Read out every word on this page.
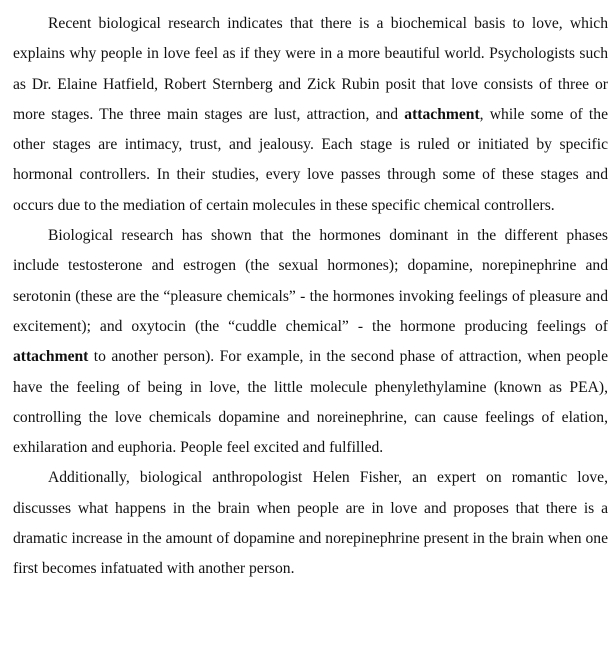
Recent biological research indicates that there is a biochemical basis to love, which explains why people in love feel as if they were in a more beautiful world. Psychologists such as Dr. Elaine Hatfield, Robert Sternberg and Zick Rubin posit that love consists of three or more stages. The three main stages are lust, attraction, and attachment, while some of the other stages are intimacy, trust, and jealousy. Each stage is ruled or initiated by specific hormonal controllers. In their studies, every love passes through some of these stages and occurs due to the mediation of certain molecules in these specific chemical controllers.

Biological research has shown that the hormones dominant in the different phases include testosterone and estrogen (the sexual hormones); dopamine, norepinephrine and serotonin (these are the “pleasure chemicals” - the hormones invoking feelings of pleasure and excitement); and oxytocin (the “cuddle chemical” - the hormone producing feelings of attachment to another person). For example, in the second phase of attraction, when people have the feeling of being in love, the little molecule phenylethylamine (known as PEA), controlling the love chemicals dopamine and noreinephrine, can cause feelings of elation, exhilaration and euphoria. People feel excited and fulfilled.

Additionally, biological anthropologist Helen Fisher, an expert on romantic love, discusses what happens in the brain when people are in love and proposes that there is a dramatic increase in the amount of dopamine and norepinephrine present in the brain when one first becomes infatuated with another person.
